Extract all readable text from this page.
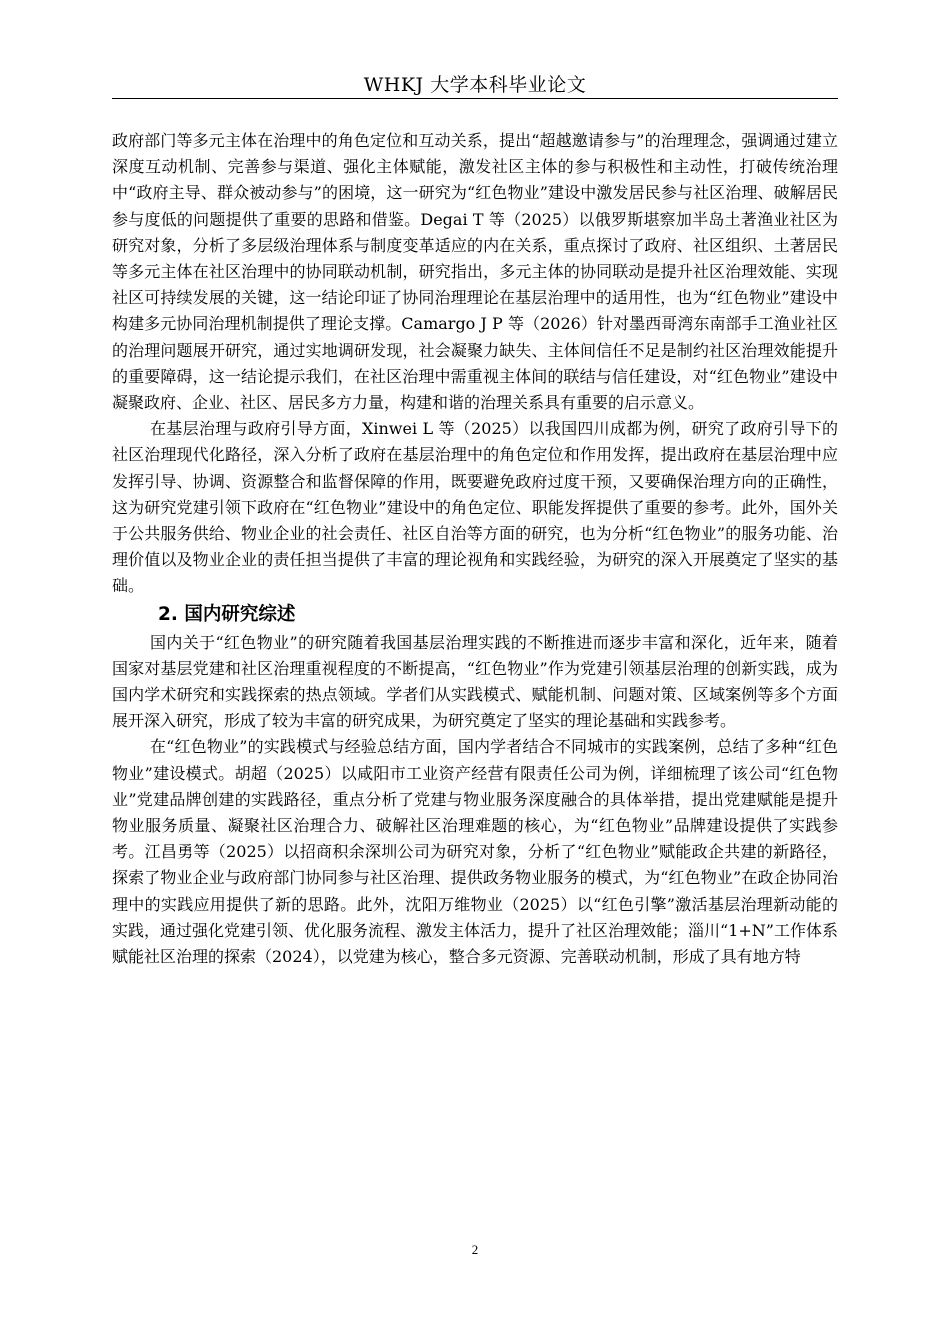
WHKJ 大学本科毕业论文

政府部门等多元主体在治理中的角色定位和互动关系，提出“超越邀请参与”的治理理念，强调通过建立深度互动机制、完善参与渠道、强化主体赋能，激发社区主体的参与积极性和主动性，打破传统治理中“政府主导、群众被动参与”的困境，这一研究为“红色物业”建设中激发居民参与社区治理、破解居民参与度低的问题提供了重要的思路和借鉴。Degai T 等（2025）以俄罗斯堪察加半岛土著渔业社区为研究对象，分析了多层级治理体系与制度变革适应的内在关系，重点探讨了政府、社区组织、土著居民等多元主体在社区治理中的协同联动机制，研究指出，多元主体的协同联动是提升社区治理效能、实现社区可持续发展的关键，这一结论印证了协同治理理论在基层治理中的适用性，也为“红色物业”建设中构建多元协同治理机制提供了理论支撑。Camargo J P 等（2026）针对墨西哥湾东南部手工渔业社区的治理问题展开研究，通过实地调研发现，社会凝聚力缺失、主体间信任不足是制约社区治理效能提升的重要障碍，这一结论提示我们，在社区治理中需重视主体间的联结与信任建设，对“红色物业”建设中凝聚政府、企业、社区、居民多方力量，构建和谐的治理关系具有重要的启示意义。

在基层治理与政府引导方面，Xinwei L 等（2025）以我国四川成都为例，研究了政府引导下的社区治理现代化路径，深入分析了政府在基层治理中的角色定位和作用发挥，提出政府在基层治理中应发挥引导、协调、资源整合和监督保障的作用，既要避免政府过度干预，又要确保治理方向的正确性，这为研究党建引领下政府在“红色物业”建设中的角色定位、职能发挥提供了重要的参考。此外，国外关于公共服务供给、物业企业的社会责任、社区自治等方面的研究，也为分析“红色物业”的服务功能、治理价值以及物业企业的责任担当提供了丰富的理论视角和实践经验，为研究的深入开展奠定了坚实的基础。

2. 国内研究综述

国内关于“红色物业”的研究随着我国基层治理实践的不断推进而逐步丰富和深化，近年来，随着国家对基层党建和社区治理重视程度的不断提高，“红色物业”作为党建引领基层治理的创新实践，成为国内学术研究和实践探索的热点领域。学者们从实践模式、赋能机制、问题对策、区域案例等多个方面展开深入研究，形成了较为丰富的研究成果，为研究奠定了坚实的理论基础和实践参考。

在“红色物业”的实践模式与经验总结方面，国内学者结合不同城市的实践案例，总结了多种“红色物业”建设模式。胡超（2025）以咸阳市工业资产经营有限责任公司为例，详细梳理了该公司“红色物业”党建品牌创建的实践路径，重点分析了党建与物业服务深度融合的具体举措，提出党建赋能是提升物业服务质量、凝聚社区治理合力、破解社区治理难题的核心，为“红色物业”品牌建设提供了实践参考。江昌勇等（2025）以招商积余深圳公司为研究对象，分析了“红色物业”赋能政企共建的新路径，探索了物业企业与政府部门协同参与社区治理、提供政务物业服务的模式，为“红色物业”在政企协同治理中的实践应用提供了新的思路。此外，沈阳万维物业（2025）以“红色引擎”激活基层治理新动能的实践，通过强化党建引领、优化服务流程、激发主体活力，提升了社区治理效能；淄川“1+N”工作体系赋能社区治理的探索（2024），以党建为核心，整合多元资源、完善联动机制，形成了具有地方特

2
